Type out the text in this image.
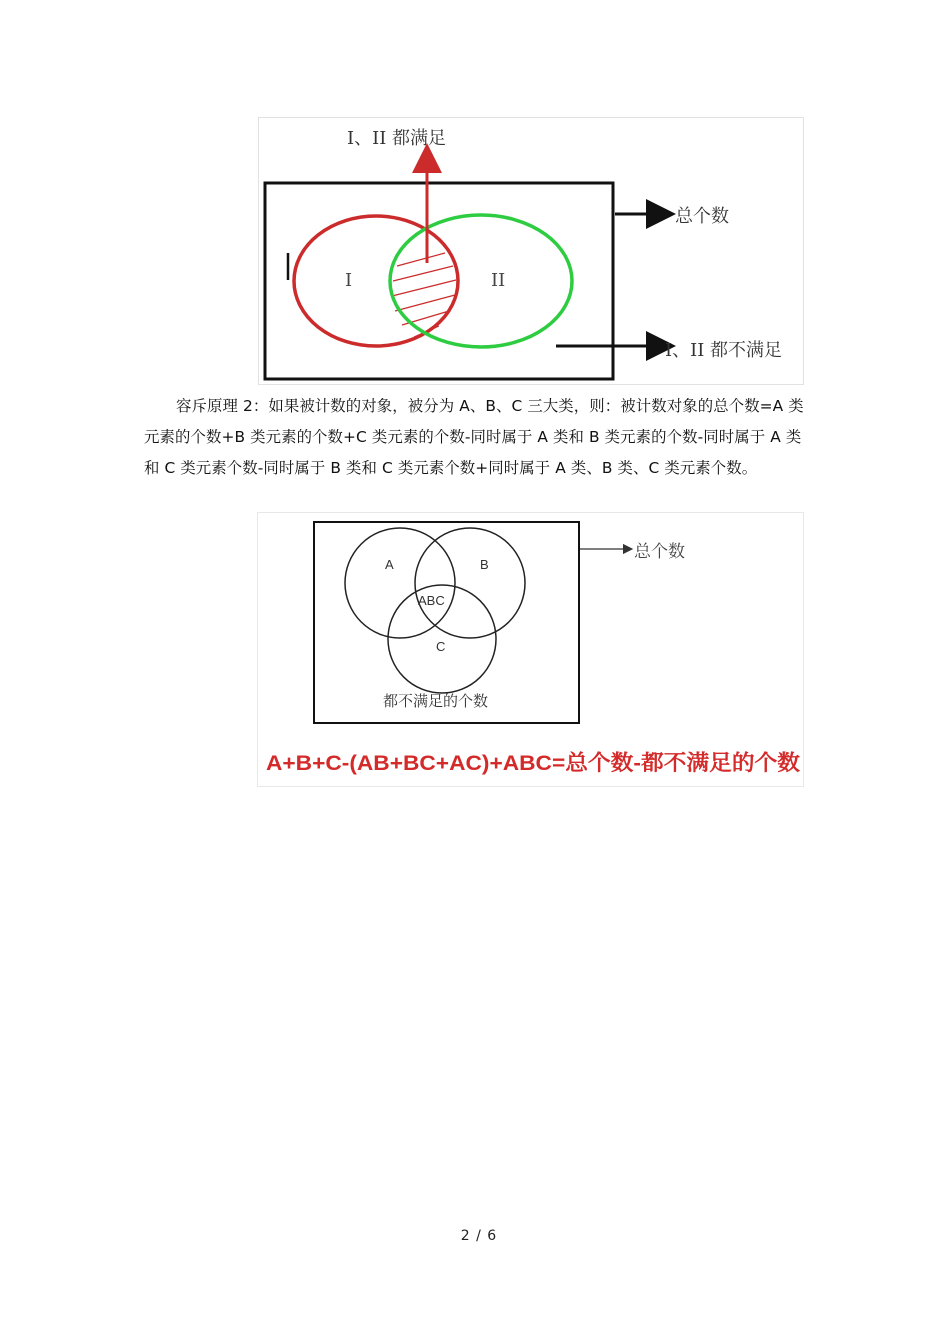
I、II 都满足
总个数
I、II 都不满足
I	II

容斥原理 2：如果被计数的对象，被分为 A、B、C 三大类，则：被计数对象的总个数=A 类元素的个数+B 类元素的个数+C 类元素的个数-同时属于 A 类和 B 类元素的个数-同时属于 A 类和 C 类元素个数-同时属于 B 类和 C 类元素个数+同时属于 A 类、B 类、C 类元素个数。

A	B
ABC
C
总个数
都不满足的个数
A+B+C-(AB+BC+AC)+ABC=总个数-都不满足的个数
2 / 6
